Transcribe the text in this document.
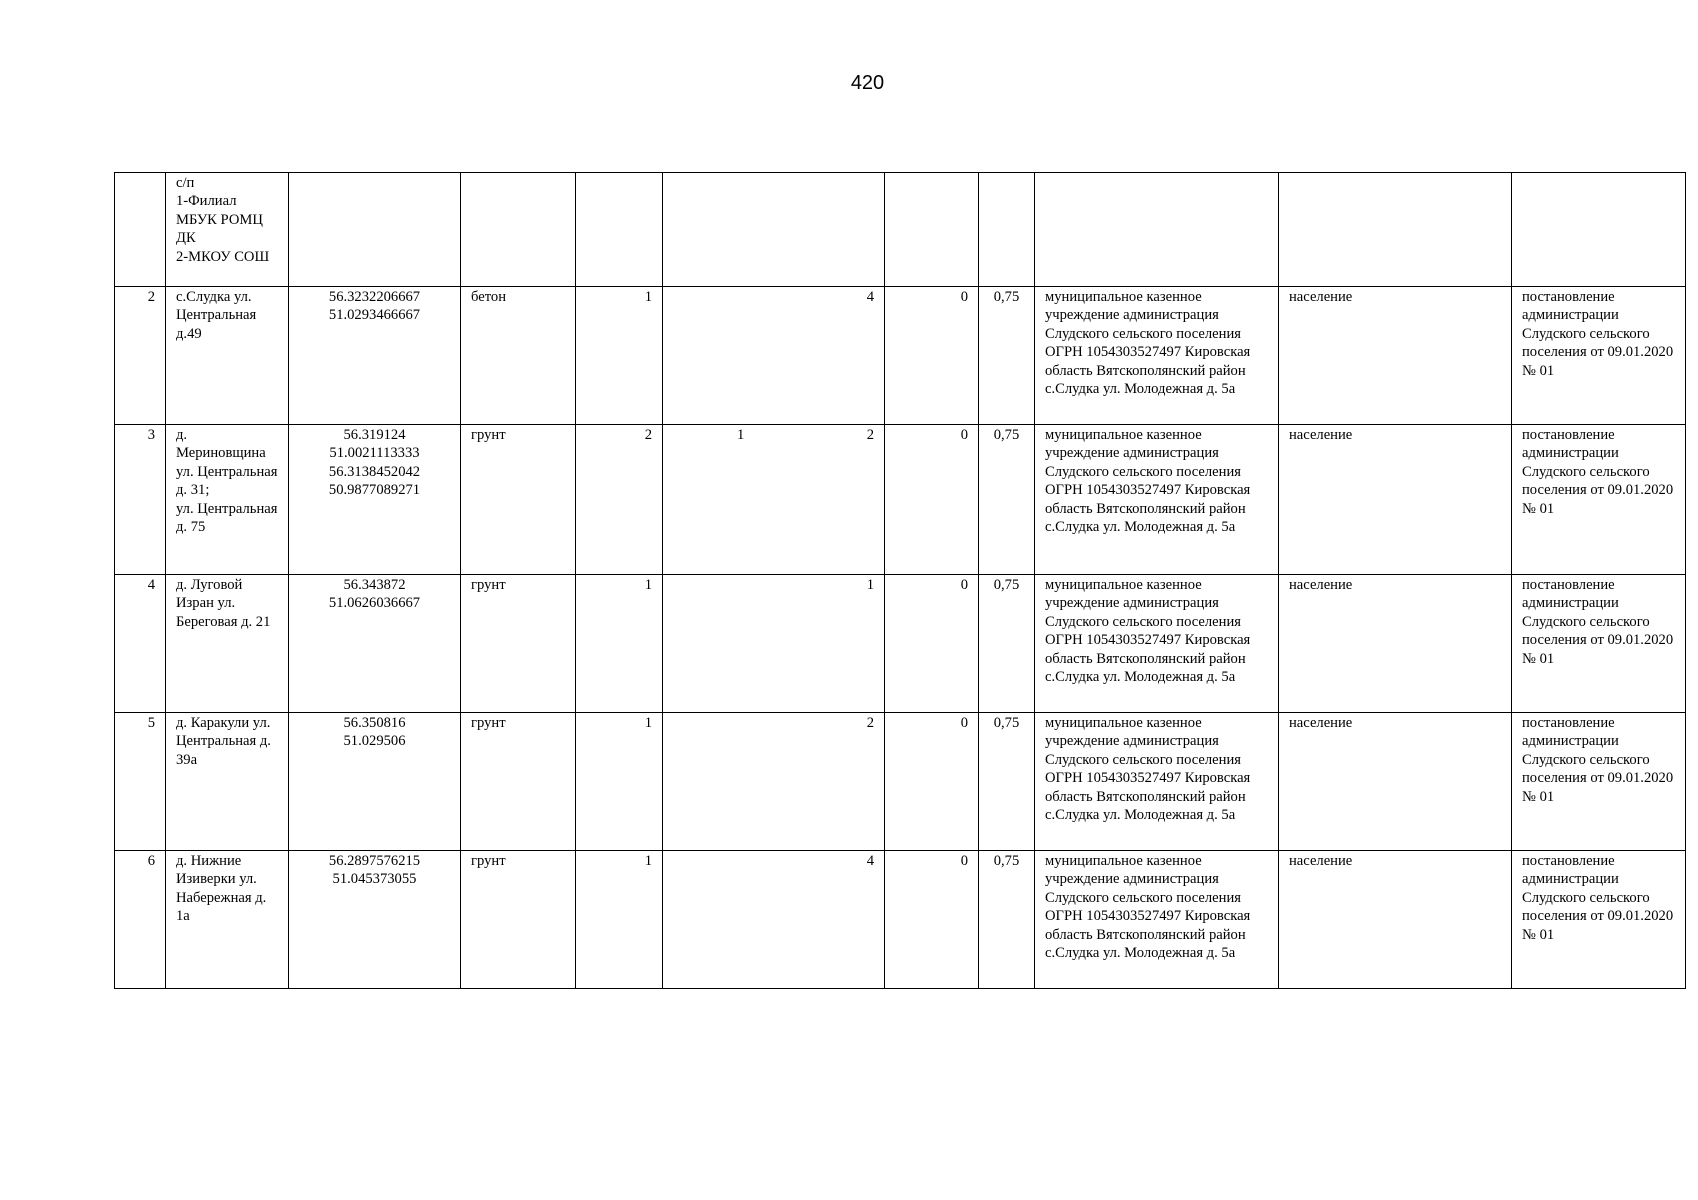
420
	с/п
1-Филиал МБУК РОМЦ ДК
2-МКОУ СОШ									
2	с.Слудка ул. Центральная д.49	56.3232206667
51.0293466667	бетон	1	4	0	0,75	муниципальное казенное учреждение администрация Слудского сельского поселения ОГРН 1054303527497 Кировская область Вятскополянский район с.Слудка ул. Молодежная д. 5а	население	постановление администрации Слудского сельского поселения от 09.01.2020 № 01
3	д. Мериновщина ул. Центральная д. 31;
ул. Центральная д. 75	56.319124
51.0021113333
56.3138452042
50.9877089271	грунт	2	1 2	0	0,75	муниципальное казенное учреждение администрация Слудского сельского поселения ОГРН 1054303527497 Кировская область Вятскополянский район с.Слудка ул. Молодежная д. 5а	население	постановление администрации Слудского сельского поселения от 09.01.2020 № 01
4	д. Луговой Изран ул. Береговая д. 21	56.343872
51.0626036667	грунт	1	1	0	0,75	муниципальное казенное учреждение администрация Слудского сельского поселения ОГРН 1054303527497 Кировская область Вятскополянский район с.Слудка ул. Молодежная д. 5а	население	постановление администрации Слудского сельского поселения от 09.01.2020 № 01
5	д. Каракули ул. Центральная д. 39а	56.350816
51.029506	грунт	1	2	0	0,75	муниципальное казенное учреждение администрация Слудского сельского поселения ОГРН 1054303527497 Кировская область Вятскополянский район с.Слудка ул. Молодежная д. 5а	население	постановление администрации Слудского сельского поселения от 09.01.2020 № 01
6	д. Нижние Изиверки ул. Набережная д. 1а	56.2897576215
51.045373055	грунт	1	4	0	0,75	муниципальное казенное учреждение администрация Слудского сельского поселения ОГРН 1054303527497 Кировская область Вятскополянский район с.Слудка ул. Молодежная д. 5а	население	постановление администрации Слудского сельского поселения от 09.01.2020 № 01
